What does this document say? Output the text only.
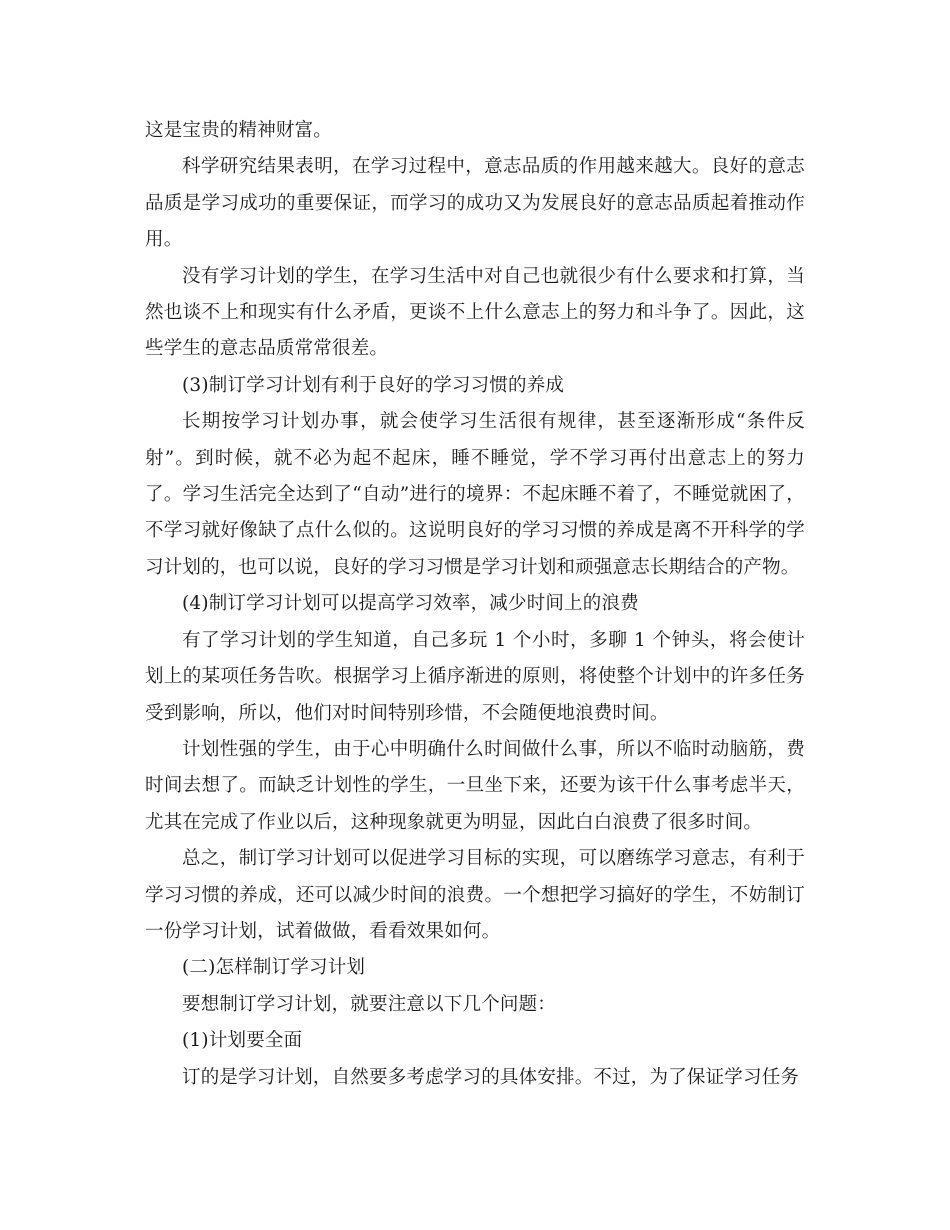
这是宝贵的精神财富。

科学研究结果表明，在学习过程中，意志品质的作用越来越大。良好的意志品质是学习成功的重要保证，而学习的成功又为发展良好的意志品质起着推动作用。

没有学习计划的学生，在学习生活中对自己也就很少有什么要求和打算，当然也谈不上和现实有什么矛盾，更谈不上什么意志上的努力和斗争了。因此，这些学生的意志品质常常很差。

(3)制订学习计划有利于良好的学习习惯的养成

长期按学习计划办事，就会使学习生活很有规律，甚至逐渐形成“条件反射”。到时候，就不必为起不起床，睡不睡觉，学不学习再付出意志上的努力了。学习生活完全达到了“自动”进行的境界：不起床睡不着了，不睡觉就困了，不学习就好像缺了点什么似的。这说明良好的学习习惯的养成是离不开科学的学习计划的，也可以说，良好的学习习惯是学习计划和顽强意志长期结合的产物。

(4)制订学习计划可以提高学习效率，减少时间上的浪费

有了学习计划的学生知道，自己多玩 1 个小时，多聊 1 个钟头，将会使计划上的某项任务告吹。根据学习上循序渐进的原则，将使整个计划中的许多任务受到影响，所以，他们对时间特别珍惜，不会随便地浪费时间。

计划性强的学生，由于心中明确什么时间做什么事，所以不临时动脑筋，费时间去想了。而缺乏计划性的学生，一旦坐下来，还要为该干什么事考虑半天，尤其在完成了作业以后，这种现象就更为明显，因此白白浪费了很多时间。

总之，制订学习计划可以促进学习目标的实现，可以磨练学习意志，有利于学习习惯的养成，还可以减少时间的浪费。一个想把学习搞好的学生，不妨制订一份学习计划，试着做做，看看效果如何。

(二)怎样制订学习计划

要想制订学习计划，就要注意以下几个问题：

(1)计划要全面

订的是学习计划，自然要多考虑学习的具体安排。不过，为了保证学习任务
